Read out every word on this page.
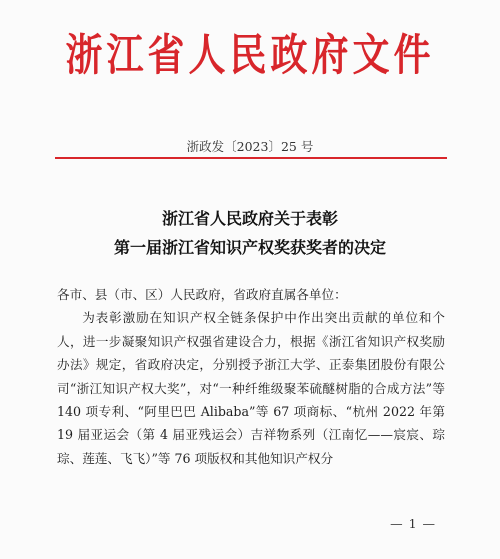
浙江省人民政府文件
浙政发〔2023〕25 号
浙江省人民政府关于表彰
第一届浙江省知识产权奖获奖者的决定

各市、县（市、区）人民政府，省政府直属各单位：

为表彰激励在知识产权全链条保护中作出突出贡献的单位和个人，进一步凝聚知识产权强省建设合力，根据《浙江省知识产权奖励办法》规定，省政府决定，分别授予浙江大学、正泰集团股份有限公司“浙江知识产权大奖”，对“一种纤维级聚苯硫醚树脂的合成方法”等 140 项专利、“阿里巴巴 Alibaba”等 67 项商标、“杭州 2022 年第 19 届亚运会（第 4 届亚残运会）吉祥物系列（江南忆——宸宸、琮琮、莲莲、飞飞）”等 76 项版权和其他知识产权分

— 1 —
